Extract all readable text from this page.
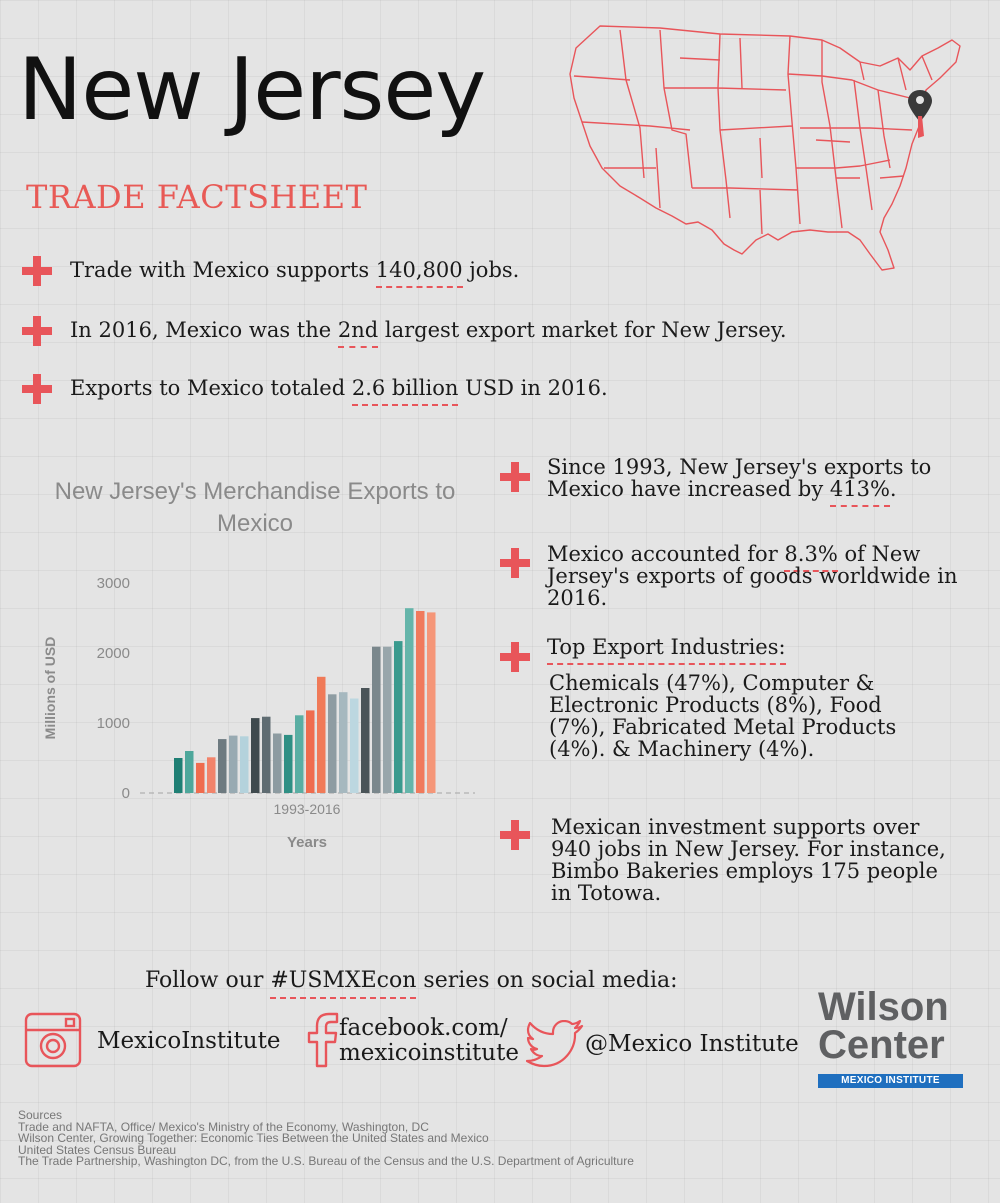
New Jersey
TRADE FACTSHEET
Trade with Mexico supports 140,800 jobs.
In 2016, Mexico was the 2nd largest export market for New Jersey.
Exports to Mexico totaled 2.6 billion USD in 2016.
New Jersey's Merchandise Exports to Mexico
0
1000
2000
3000
1993-2016
Years
Millions of USD
Since 1993, New Jersey's exports to Mexico have increased by 413%.
Mexico accounted for 8.3% of New Jersey's exports of goods worldwide in 2016.
Top Export Industries:
Chemicals (47%), Computer & Electronic Products (8%), Food (7%), Fabricated Metal Products (4%). & Machinery (4%).
Mexican investment supports over 940 jobs in New Jersey. For instance, Bimbo Bakeries employs 175 people in Totowa.
Follow our #USMXEcon series on social media:
MexicoInstitute	facebook.com/
mexicoinstitute	@Mexico Institute
Wilson
Center
MEXICO INSTITUTE
Sources
Trade and NAFTA, Office/ Mexico's Ministry of the Economy, Washington, DC
Wilson Center, Growing Together: Economic Ties Between the United States and Mexico
United States Census Bureau
The Trade Partnership, Washington DC, from the U.S. Bureau of the Census and the U.S. Department of Agriculture
